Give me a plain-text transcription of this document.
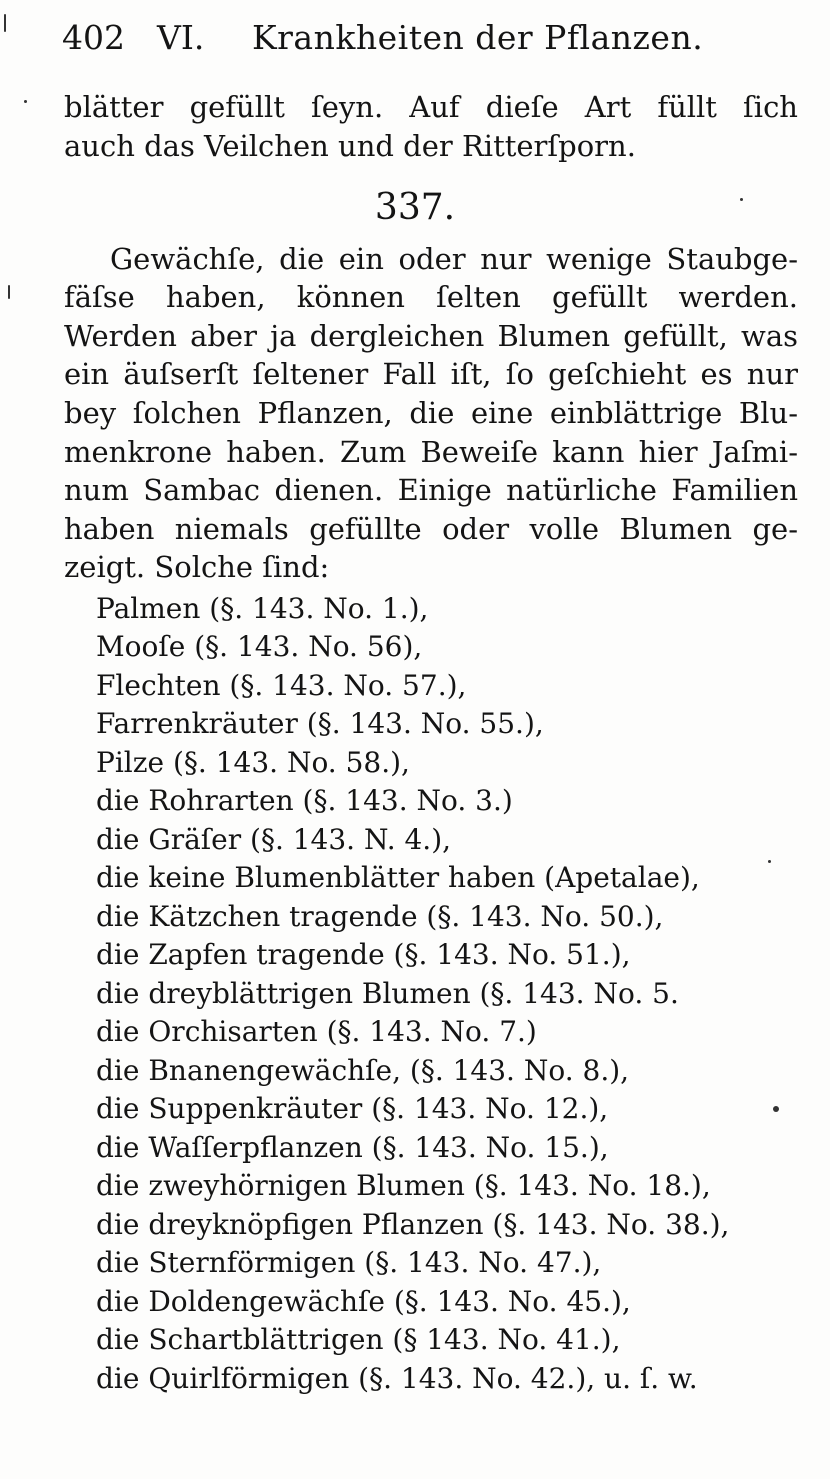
402 VI. Krankheiten der Pflanzen.
blätter gefüllt ſeyn. Auf dieſe Art füllt ſich
auch das Veilchen und der Ritterſporn.
337.
Gewächſe, die ein oder nur wenige Staubge-
fäſse haben, können ſelten gefüllt werden.
Werden aber ja dergleichen Blumen gefüllt, was
ein äuſserſt ſeltener Fall iſt, ſo geſchieht es nur
bey ſolchen Pflanzen, die eine einblättrige Blu-
menkrone haben. Zum Beweiſe kann hier Jaſmi-
num Sambac dienen. Einige natürliche Familien
haben niemals gefüllte oder volle Blumen ge-
zeigt. Solche ſind:
Palmen (§. 143. No. 1.),
Mooſe (§. 143. No. 56),
Flechten (§. 143. No. 57.),
Farrenkräuter (§. 143. No. 55.),
Pilze (§. 143. No. 58.),
die Rohrarten (§. 143. No. 3.)
die Gräſer (§. 143. N. 4.),
die keine Blumenblätter haben (Apetalae),
die Kätzchen tragende (§. 143. No. 50.),
die Zapfen tragende (§. 143. No. 51.),
die dreyblättrigen Blumen (§. 143. No. 5.
die Orchisarten (§. 143. No. 7.)
die Bnanengewächſe, (§. 143. No. 8.),
die Suppenkräuter (§. 143. No. 12.),
die Waſſerpflanzen (§. 143. No. 15.),
die zweyhörnigen Blumen (§. 143. No. 18.),
die dreyknöpfigen Pflanzen (§. 143. No. 38.),
die Sternförmigen (§. 143. No. 47.),
die Doldengewächſe (§. 143. No. 45.),
die Schartblättrigen (§ 143. No. 41.),
die Quirlförmigen (§. 143. No. 42.), u. ſ. w.
